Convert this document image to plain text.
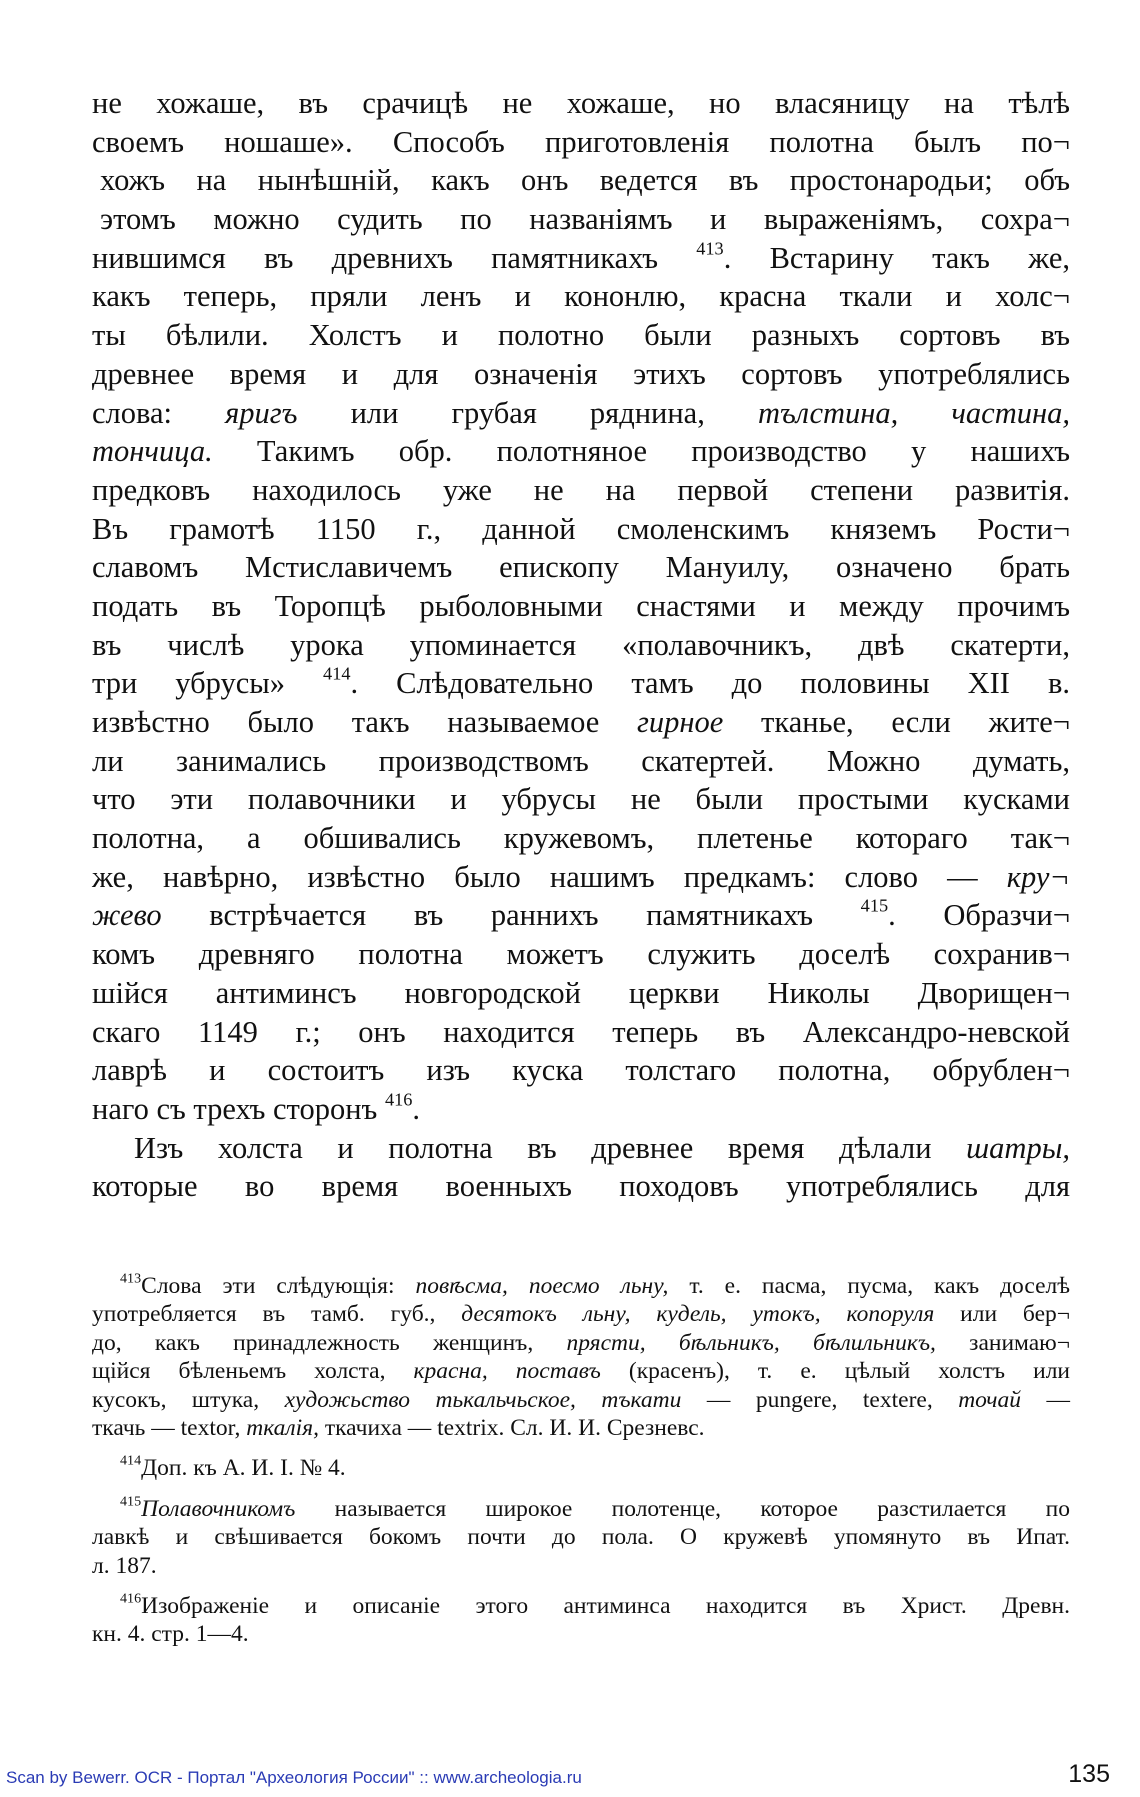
не хожаше, въ срачицѣ не хожаше, но власяницу на тѣлѣ
своемъ ношаше». Способъ приготовленія полотна былъ по¬
хожъ на нынѣшній, какъ онъ ведется въ простонародьи; объ
этомъ можно судить по названіямъ и выраженіямъ, сохра¬
нившимся въ древнихъ памятникахъ $^{413}$. Встарину такъ же,
какъ теперь, пряли ленъ и кононлю, красна ткали и холс¬
ты бѣлили. Холстъ и полотно были разныхъ сортовъ въ
древнее время и для означенія этихъ сортовъ употреблялись
слова: яригъ или грубая ряднина, тълстина, частина,
тончица. Такимъ обр. полотняное производство у нашихъ
предковъ находилось уже не на первой степени развитія.
Въ грамотѣ 1150 г., данной смоленскимъ княземъ Рости¬
славомъ Мстиславичемъ епископу Мануилу, означено брать
подать въ Торопцѣ рыболовными снастями и между прочимъ
въ числѣ урока упоминается «полавочникъ, двѣ скатерти,
три убрусы» $^{414}$. Слѣдовательно тамъ до половины XII в.
извѣстно было такъ называемое гирное тканье, если жите¬
ли занимались производствомъ скатертей. Можно думать,
что эти полавочники и убрусы не были простыми кусками
полотна, а обшивались кружевомъ, плетенье котораго так¬
же, навѣрно, извѣстно было нашимъ предкамъ: слово — кру¬
жево встрѣчается въ раннихъ памятникахъ $^{415}$. Образчи¬
комъ древняго полотна можетъ служить доселѣ сохранив¬
шійся антиминсъ новгородской церкви Николы Дворищен¬
скаго 1149 г.; онъ находится теперь въ Александро-невской
лаврѣ и состоитъ изъ куска толстаго полотна, обрублен¬
наго съ трехъ сторонъ $^{416}$.
Изъ холста и полотна въ древнее время дѣлали шатры,
которые во время военныхъ походовъ употреблялись для
$^{413}$Слова эти слѣдующія: повѣсма, поесмо льну, т. е. пасма, пусма, какъ доселѣ
употребляется въ тамб. губ., десятокъ льну, кудель, утокъ, копоруля или бер¬
до, какъ принадлежность женщинъ, прясти, бѣльникъ, бѣлильникъ, занимаю¬
щійся бѣленьемъ холста, красна, поставъ (красенъ), т. е. цѣлый холстъ или
кусокъ, штука, художьство тькальчьское, тъкати — pungere, textere, точай —
ткачь — textor, ткалія, ткачиха — textrix. Сл. И. И. Срезневс.
$^{414}$Доп. къ А. И. I. № 4.
$^{415}$Полавочникомъ называется широкое полотенце, которое разстилается по
лавкѣ и свѣшивается бокомъ почти до пола. О кружевѣ упомянуто въ Ипат.
л. 187.
$^{416}$Изображеніе и описаніе этого антиминса находится въ Христ. Древн.
кн. 4. стр. 1—4.
Scan by Bewerr. OCR - Портал "Археология России" :: www.archeologia.ru	135
